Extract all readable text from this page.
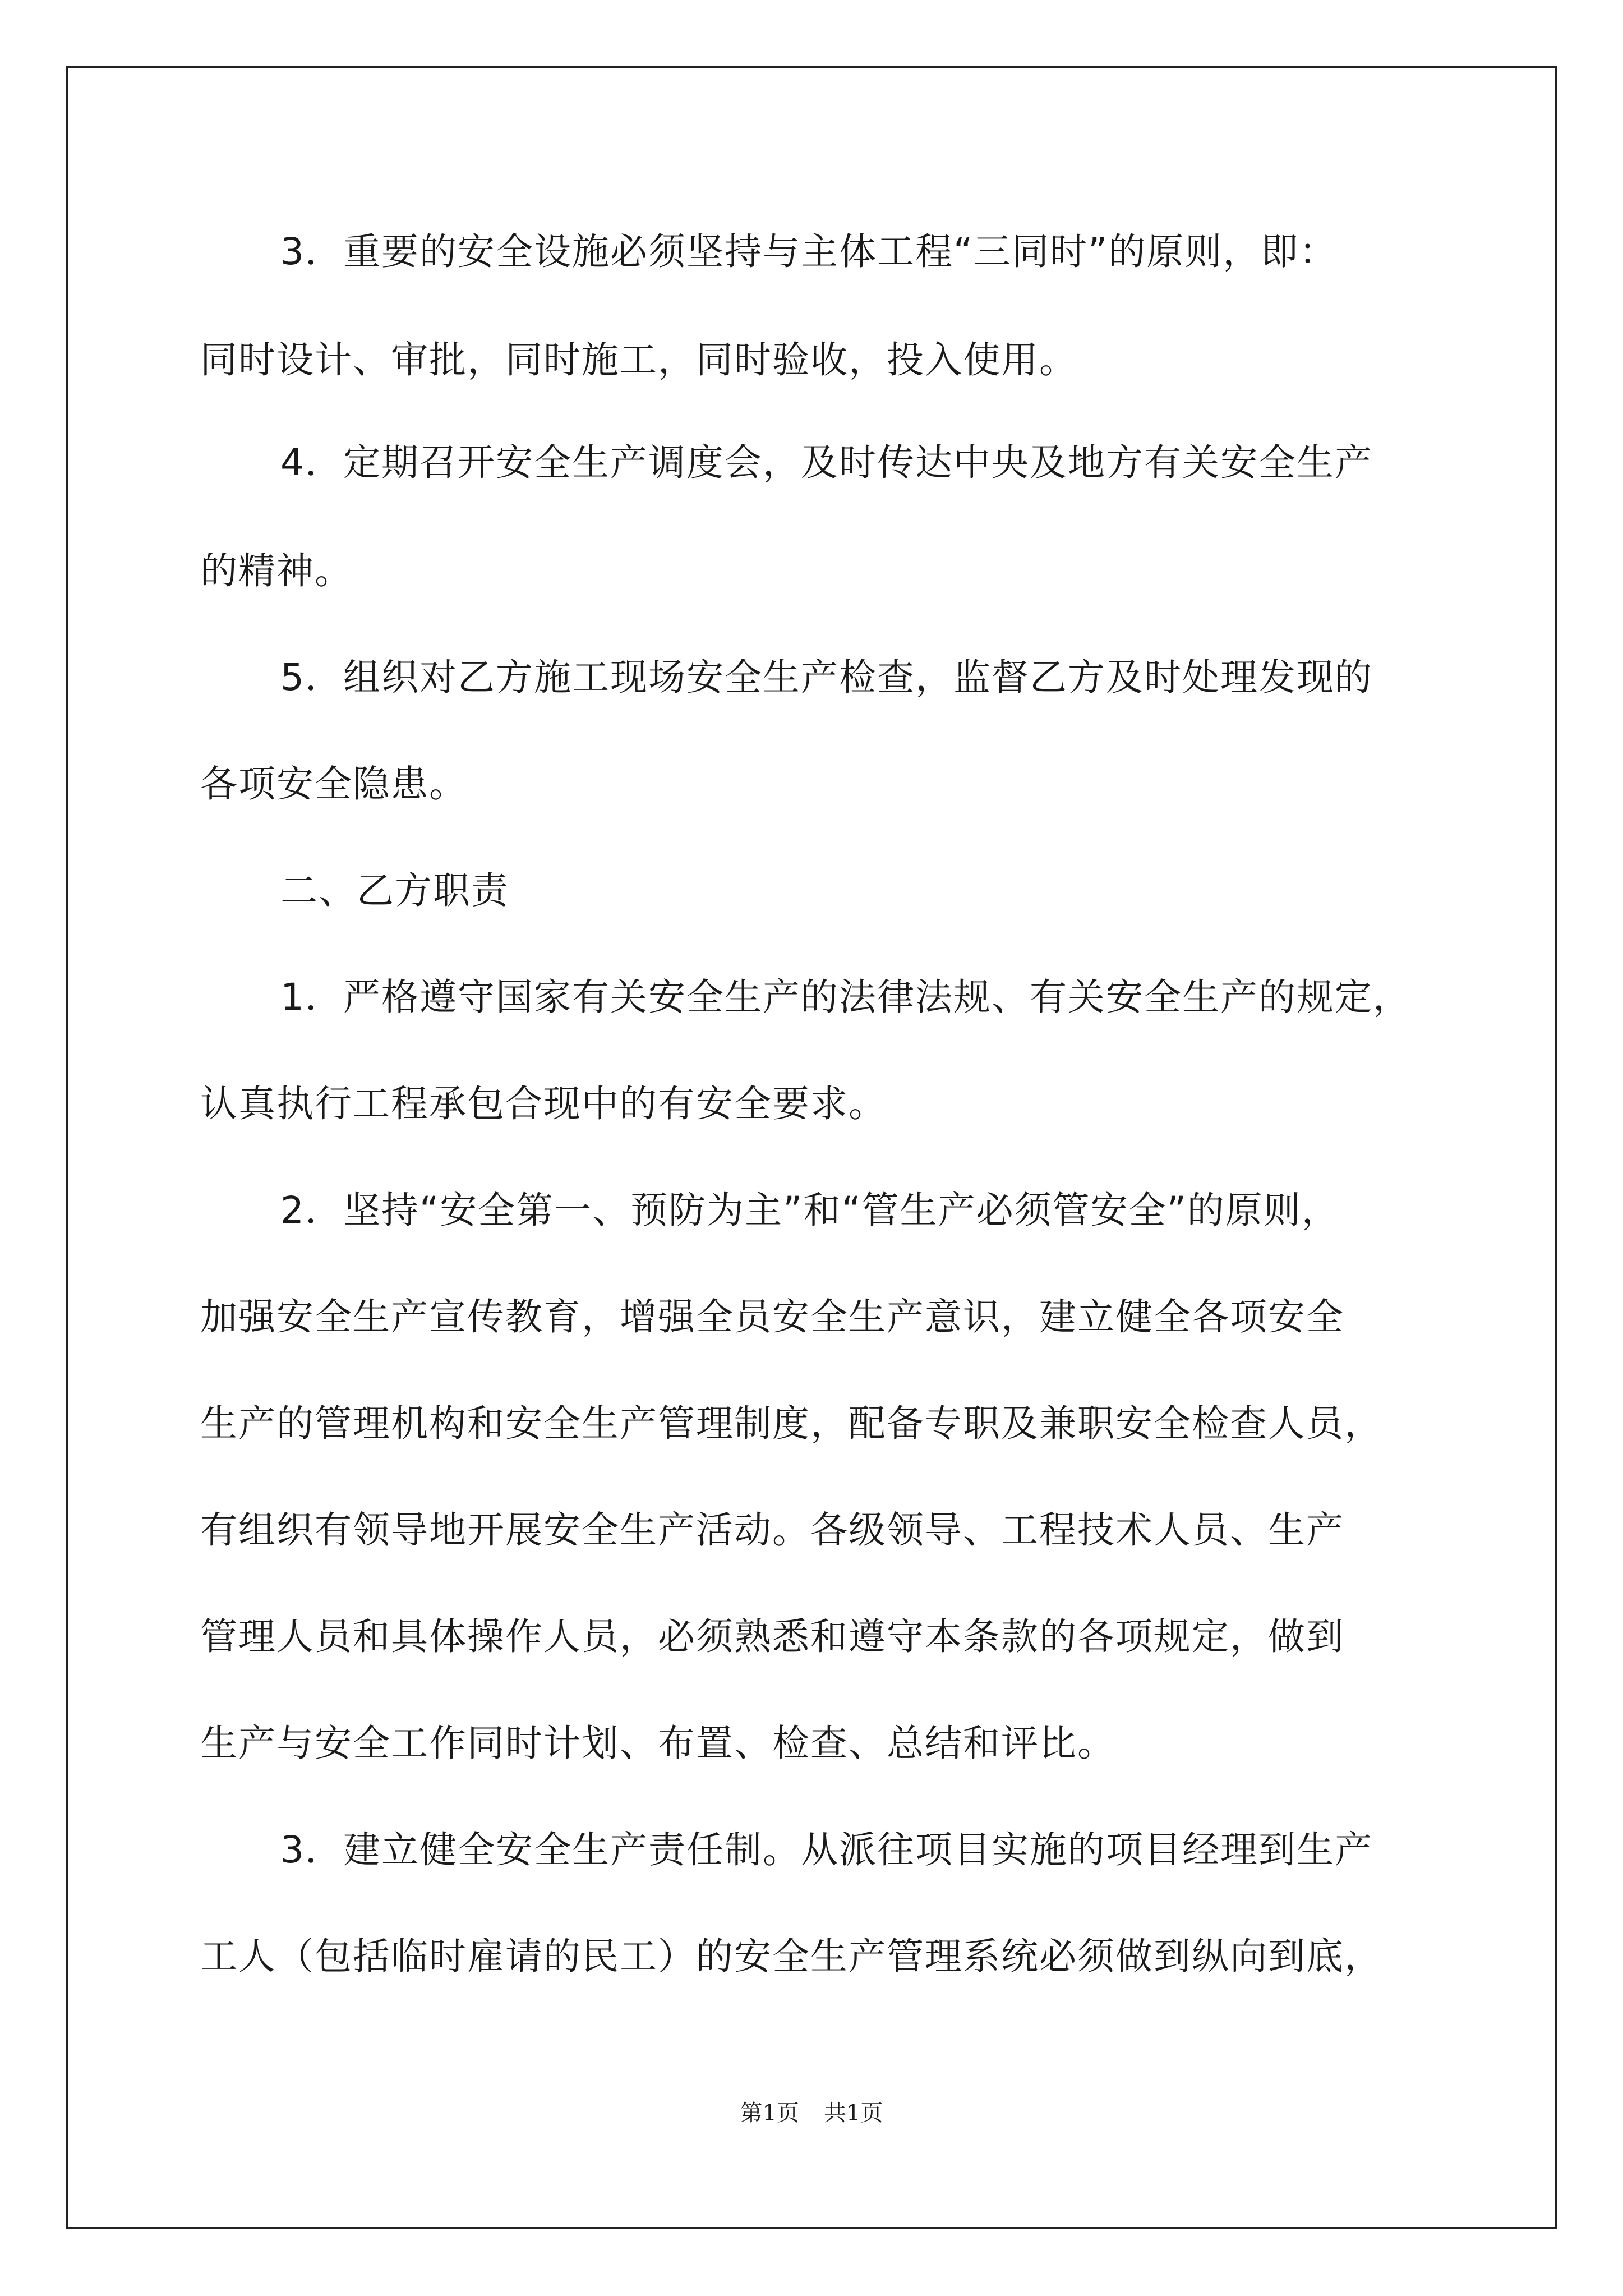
3．重要的安全设施必须坚持与主体工程“三同时”的原则，即：
同时设计、审批，同时施工，同时验收，投入使用。
4．定期召开安全生产调度会，及时传达中央及地方有关安全生产
的精神。
5．组织对乙方施工现场安全生产检查，监督乙方及时处理发现的
各项安全隐患。
二、乙方职责
1．严格遵守国家有关安全生产的法律法规、有关安全生产的规定，
认真执行工程承包合现中的有安全要求。
2．坚持“安全第一、预防为主”和“管生产必须管安全”的原则，
加强安全生产宣传教育，增强全员安全生产意识，建立健全各项安全
生产的管理机构和安全生产管理制度，配备专职及兼职安全检查人员，
有组织有领导地开展安全生产活动。各级领导、工程技术人员、生产
管理人员和具体操作人员，必须熟悉和遵守本条款的各项规定，做到
生产与安全工作同时计划、布置、检查、总结和评比。
3．建立健全安全生产责任制。从派往项目实施的项目经理到生产
工人（包括临时雇请的民工）的安全生产管理系统必须做到纵向到底，
第1页 共1页
